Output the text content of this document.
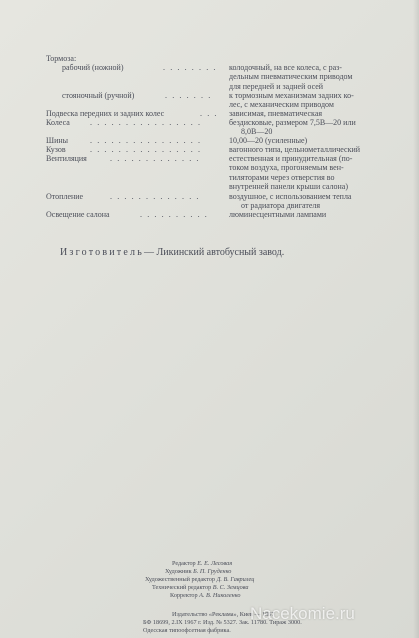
Тормоза:
рабочий (ножной)	. . . . . . . . колодочный, на все колеса, с раз-
дельным пневматическим приводом
для передней и задней осей
стояночный (ручной)	. . . . . . . к тормозным механизмам задних ко-
лес, с механическим приводом
Подвеска передних и задних колес	. . . зависимая, пневматическая
Колеса	. . . . . . . . . . . . . . . .	бездисковые, размером 7,5В—20 или
8,0В—20
Шины	. . . . . . . . . . . . . . . .	10,00—20 (усиленные)
Кузов	. . . . . . . . . . . . . . . .	вагонного типа, цельнометаллический
Вентиляция	. . . . . . . . . . . . .	естественная и принудительная (по-
током воздуха, прогоняемым вен-
тиляторами через отверстия во
внутренней панели крыши салона)
Отопление	. . . . . . . . . . . . .	воздушное, с использованием тепла
от радиатора двигателя
Освещение салона	. . . . . . . . . .	люминесцентными лампами
Изготовитель— Ликинский автобусный завод.
Редактор Е. Е. Лесовая
Художник Б. П. Груденко
Художественный редактор Д. В. Гаврилец
Технический редактор В. С. Земцова
Корректор А. В. Николенко
Издательство «Реклама», Киев — 1967
БФ 18699, 2.IX 1967 г. Изд. № 5327. Зак. 11780. Тираж 3000.
Одесская типоофсетная фабрика.
Nacekomie.ru
